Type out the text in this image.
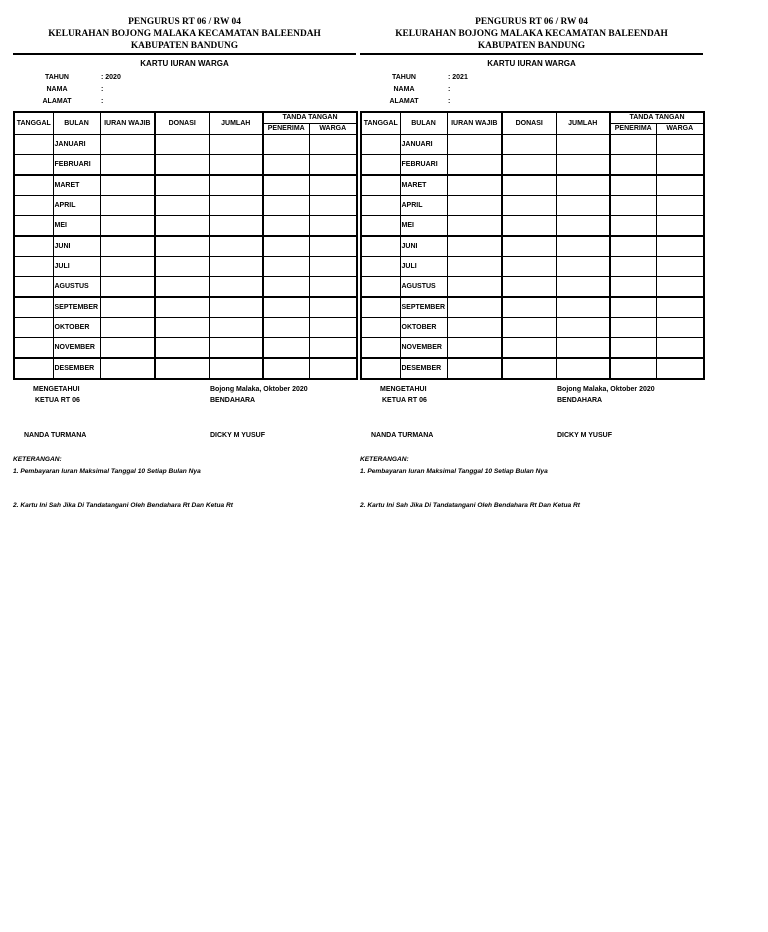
PENGURUS RT 06 / RW 04
KELURAHAN BOJONG MALAKA KECAMATAN BALEENDAH
KABUPATEN BANDUNG
KARTU IURAN WARGA
TAHUN	: 2020
NAMA	:
ALAMAT	:
TANGGAL	BULAN	IURAN WAJIB	DONASI	JUMLAH	TANDA TANGAN	
					PENERIMA	WARGA
	JANUARI					
	FEBRUARI					
	MARET					
	APRIL					
	MEI					
	JUNI					
	JULI					
	AGUSTUS					
	SEPTEMBER					
	OKTOBER					
	NOVEMBER					
	DESEMBER					
MENGETAHUI
KETUA RT 06
Bojong Malaka, Oktober 2020
BENDAHARA
NANDA TURMANA	DICKY M YUSUF
KETERANGAN:
1. Pembayaran Iuran Maksimal Tanggal 10 Setiap Bulan Nya
2. Kartu Ini Sah Jika Di Tandatangani Oleh Bendahara Rt Dan Ketua Rt
PENGURUS RT 06 / RW 04
KELURAHAN BOJONG MALAKA KECAMATAN BALEENDAH
KABUPATEN BANDUNG
KARTU IURAN WARGA
TAHUN	: 2021
NAMA	:
ALAMAT	:
TANGGAL	BULAN	IURAN WAJIB	DONASI	JUMLAH	TANDA TANGAN	
					PENERIMA	WARGA
	JANUARI					
	FEBRUARI					
	MARET					
	APRIL					
	MEI					
	JUNI					
	JULI					
	AGUSTUS					
	SEPTEMBER					
	OKTOBER					
	NOVEMBER					
	DESEMBER					
MENGETAHUI
KETUA RT 06
Bojong Malaka, Oktober 2020
BENDAHARA
NANDA TURMANA	DICKY M YUSUF
KETERANGAN:
1. Pembayaran Iuran Maksimal Tanggal 10 Setiap Bulan Nya
2. Kartu Ini Sah Jika Di Tandatangani Oleh Bendahara Rt Dan Ketua Rt
